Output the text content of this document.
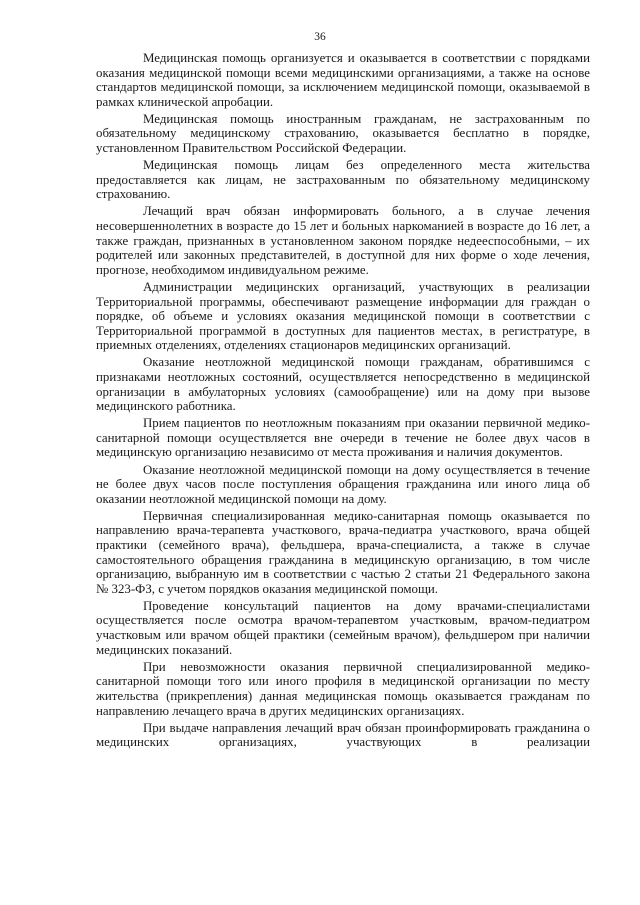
36

Медицинская помощь организуется и оказывается в соответствии с порядками оказания медицинской помощи всеми медицинскими организациями, а также на основе стандартов медицинской помощи, за исключением медицинской помощи, оказываемой в рамках клинической апробации.

Медицинская помощь иностранным гражданам, не застрахованным по обязательному медицинскому страхованию, оказывается бесплатно в порядке, установленном Правительством Российской Федерации.

Медицинская помощь лицам без определенного места жительства предоставляется как лицам, не застрахованным по обязательному медицинскому страхованию.

Лечащий врач обязан информировать больного, а в случае лечения несовершеннолетних в возрасте до 15 лет и больных наркоманией в возрасте до 16 лет, а также граждан, признанных в установленном законом порядке недееспособными, – их родителей или законных представителей, в доступной для них форме о ходе лечения, прогнозе, необходимом индивидуальном режиме.

Администрации медицинских организаций, участвующих в реализации Территориальной программы, обеспечивают размещение информации для граждан о порядке, об объеме и условиях оказания медицинской помощи в соответствии с Территориальной программой в доступных для пациентов местах, в регистратуре, в приемных отделениях, отделениях стационаров медицинских организаций.

Оказание неотложной медицинской помощи гражданам, обратившимся с признаками неотложных состояний, осуществляется непосредственно в медицинской организации в амбулаторных условиях (самообращение) или на дому при вызове медицинского работника.

Прием пациентов по неотложным показаниям при оказании первичной медико-санитарной помощи осуществляется вне очереди в течение не более двух часов в медицинскую организацию независимо от места проживания и наличия документов.

Оказание неотложной медицинской помощи на дому осуществляется в течение не более двух часов после поступления обращения гражданина или иного лица об оказании неотложной медицинской помощи на дому.

Первичная специализированная медико-санитарная помощь оказывается по направлению врача-терапевта участкового, врача-педиатра участкового, врача общей практики (семейного врача), фельдшера, врача-специалиста, а также в случае самостоятельного обращения гражданина в медицинскую организацию, в том числе организацию, выбранную им в соответствии с частью 2 статьи 21 Федерального закона № 323-ФЗ, с учетом порядков оказания медицинской помощи.

Проведение консультаций пациентов на дому врачами-специалистами осуществляется после осмотра врачом-терапевтом участковым, врачом-педиатром участковым или врачом общей практики (семейным врачом), фельдшером при наличии медицинских показаний.

При невозможности оказания первичной специализированной медико-санитарной помощи того или иного профиля в медицинской организации по месту жительства (прикрепления) данная медицинская помощь оказывается гражданам по направлению лечащего врача в других медицинских организациях.

При выдаче направления лечащий врач обязан проинформировать гражданина о медицинских организациях, участвующих в реализации
